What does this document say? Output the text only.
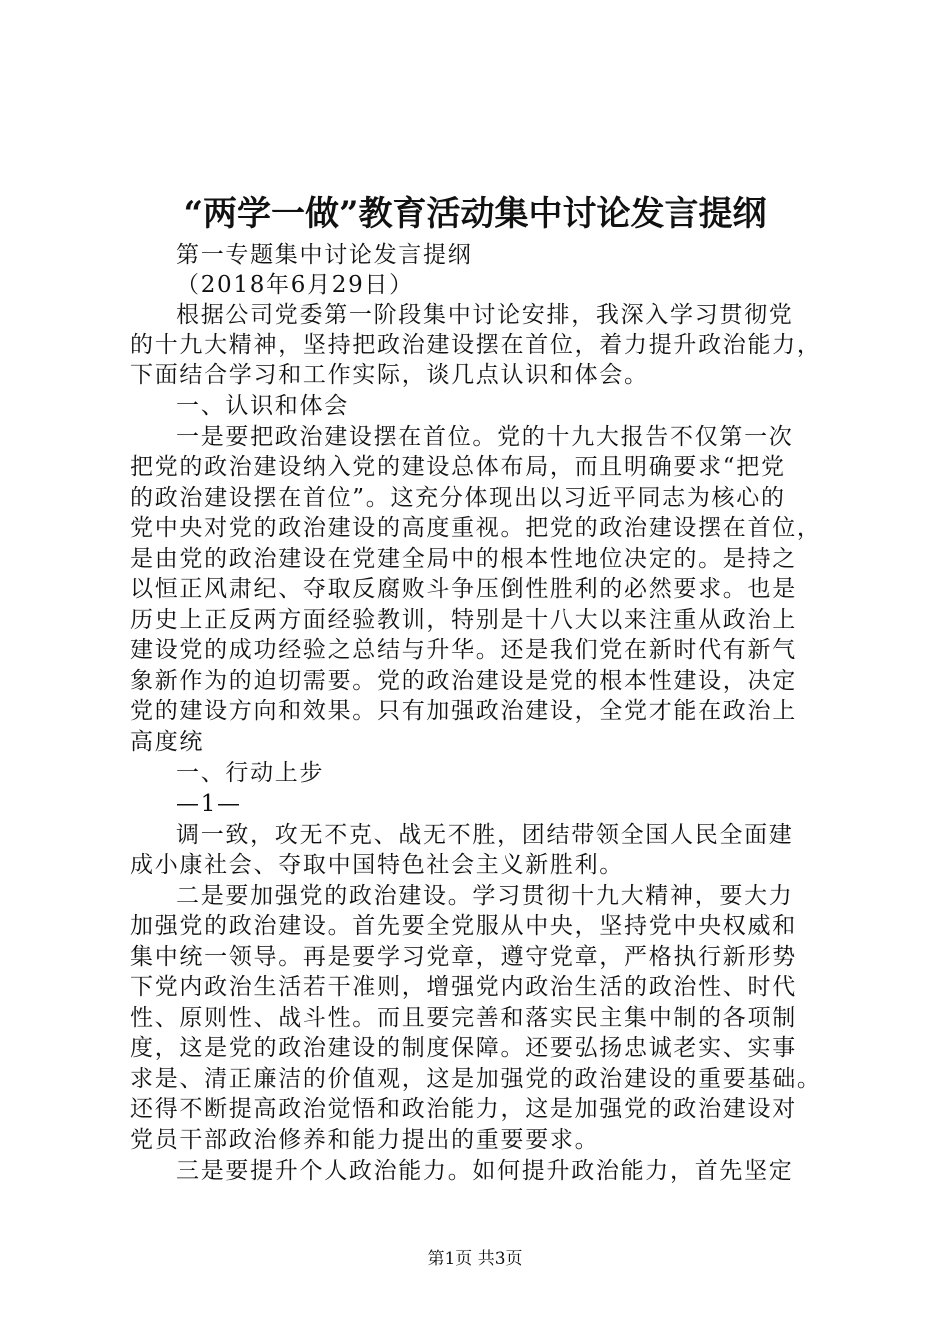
“两学一做”教育活动集中讨论发言提纲
第一专题集中讨论发言提纲
（2018年6月29日）
根据公司党委第一阶段集中讨论安排，我深入学习贯彻党
的十九大精神，坚持把政治建设摆在首位，着力提升政治能力，
下面结合学习和工作实际，谈几点认识和体会。
一、认识和体会
一是要把政治建设摆在首位。党的十九大报告不仅第一次
把党的政治建设纳入党的建设总体布局，而且明确要求“把党
的政治建设摆在首位”。这充分体现出以习近平同志为核心的
党中央对党的政治建设的高度重视。把党的政治建设摆在首位，
是由党的政治建设在党建全局中的根本性地位决定的。是持之
以恒正风肃纪、夺取反腐败斗争压倒性胜利的必然要求。也是
历史上正反两方面经验教训，特别是十八大以来注重从政治上
建设党的成功经验之总结与升华。还是我们党在新时代有新气
象新作为的迫切需要。党的政治建设是党的根本性建设，决定
党的建设方向和效果。只有加强政治建设，全党才能在政治上
高度统
一、行动上步
—1—
调一致，攻无不克、战无不胜，团结带领全国人民全面建
成小康社会、夺取中国特色社会主义新胜利。
二是要加强党的政治建设。学习贯彻十九大精神，要大力
加强党的政治建设。首先要全党服从中央，坚持党中央权威和
集中统一领导。再是要学习党章，遵守党章，严格执行新形势
下党内政治生活若干准则，增强党内政治生活的政治性、时代
性、原则性、战斗性。而且要完善和落实民主集中制的各项制
度，这是党的政治建设的制度保障。还要弘扬忠诚老实、实事
求是、清正廉洁的价值观，这是加强党的政治建设的重要基础。
还得不断提高政治觉悟和政治能力，这是加强党的政治建设对
党员干部政治修养和能力提出的重要要求。
三是要提升个人政治能力。如何提升政治能力，首先坚定
第1页 共3页
